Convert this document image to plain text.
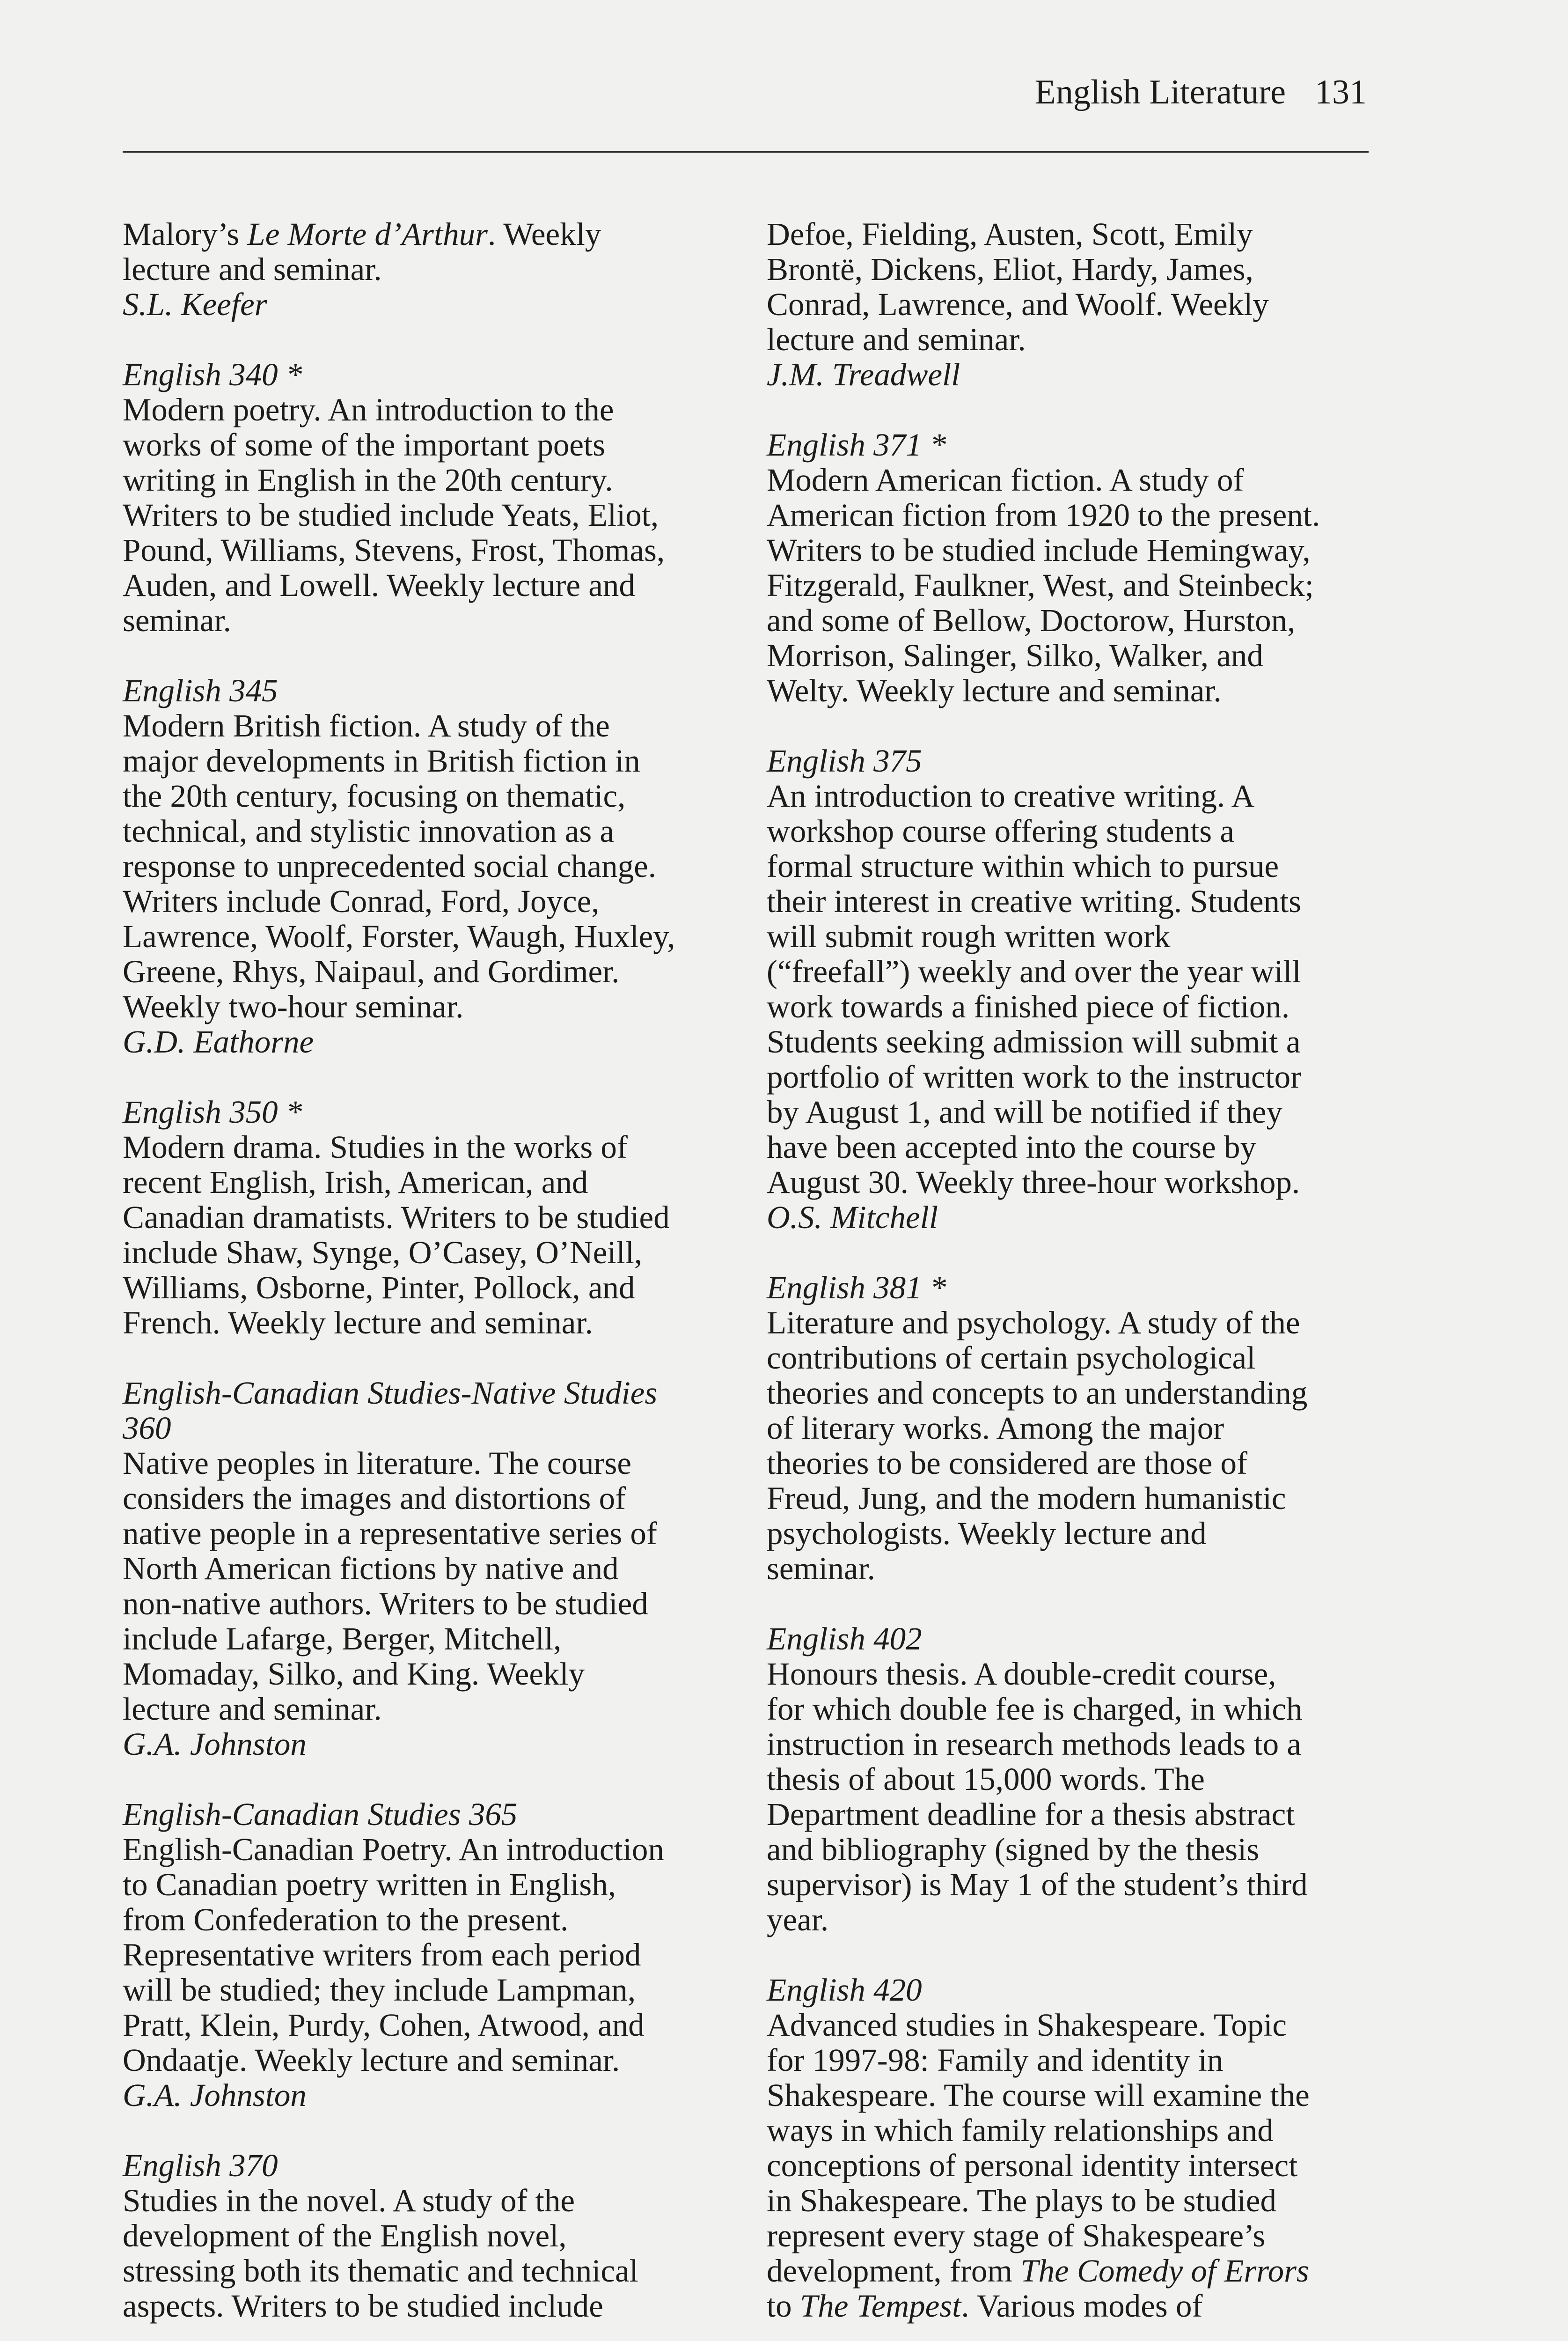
English Literature 131
Malory’s Le Morte d’Arthur. Weekly
lecture and seminar.
S.L. Keefer
English 340 *
Modern poetry. An introduction to the
works of some of the important poets
writing in English in the 20th century.
Writers to be studied include Yeats, Eliot,
Pound, Williams, Stevens, Frost, Thomas,
Auden, and Lowell. Weekly lecture and
seminar.
English 345
Modern British fiction. A study of the
major developments in British fiction in
the 20th century, focusing on thematic,
technical, and stylistic innovation as a
response to unprecedented social change.
Writers include Conrad, Ford, Joyce,
Lawrence, Woolf, Forster, Waugh, Huxley,
Greene, Rhys, Naipaul, and Gordimer.
Weekly two-hour seminar.
G.D. Eathorne
English 350 *
Modern drama. Studies in the works of
recent English, Irish, American, and
Canadian dramatists. Writers to be studied
include Shaw, Synge, O’Casey, O’Neill,
Williams, Osborne, Pinter, Pollock, and
French. Weekly lecture and seminar.
English-Canadian Studies-Native Studies
360
Native peoples in literature. The course
considers the images and distortions of
native people in a representative series of
North American fictions by native and
non-native authors. Writers to be studied
include Lafarge, Berger, Mitchell,
Momaday, Silko, and King. Weekly
lecture and seminar.
G.A. Johnston
English-Canadian Studies 365
English-Canadian Poetry. An introduction
to Canadian poetry written in English,
from Confederation to the present.
Representative writers from each period
will be studied; they include Lampman,
Pratt, Klein, Purdy, Cohen, Atwood, and
Ondaatje. Weekly lecture and seminar.
G.A. Johnston
English 370
Studies in the novel. A study of the
development of the English novel,
stressing both its thematic and technical
aspects. Writers to be studied include
Defoe, Fielding, Austen, Scott, Emily
Brontë, Dickens, Eliot, Hardy, James,
Conrad, Lawrence, and Woolf. Weekly
lecture and seminar.
J.M. Treadwell
English 371 *
Modern American fiction. A study of
American fiction from 1920 to the present.
Writers to be studied include Hemingway,
Fitzgerald, Faulkner, West, and Steinbeck;
and some of Bellow, Doctorow, Hurston,
Morrison, Salinger, Silko, Walker, and
Welty. Weekly lecture and seminar.
English 375
An introduction to creative writing. A
workshop course offering students a
formal structure within which to pursue
their interest in creative writing. Students
will submit rough written work
(“freefall”) weekly and over the year will
work towards a finished piece of fiction.
Students seeking admission will submit a
portfolio of written work to the instructor
by August 1, and will be notified if they
have been accepted into the course by
August 30. Weekly three-hour workshop.
O.S. Mitchell
English 381 *
Literature and psychology. A study of the
contributions of certain psychological
theories and concepts to an understanding
of literary works. Among the major
theories to be considered are those of
Freud, Jung, and the modern humanistic
psychologists. Weekly lecture and
seminar.
English 402
Honours thesis. A double-credit course,
for which double fee is charged, in which
instruction in research methods leads to a
thesis of about 15,000 words. The
Department deadline for a thesis abstract
and bibliography (signed by the thesis
supervisor) is May 1 of the student’s third
year.
English 420
Advanced studies in Shakespeare. Topic
for 1997-98: Family and identity in
Shakespeare. The course will examine the
ways in which family relationships and
conceptions of personal identity intersect
in Shakespeare. The plays to be studied
represent every stage of Shakespeare’s
development, from The Comedy of Errors
to The Tempest. Various modes of
